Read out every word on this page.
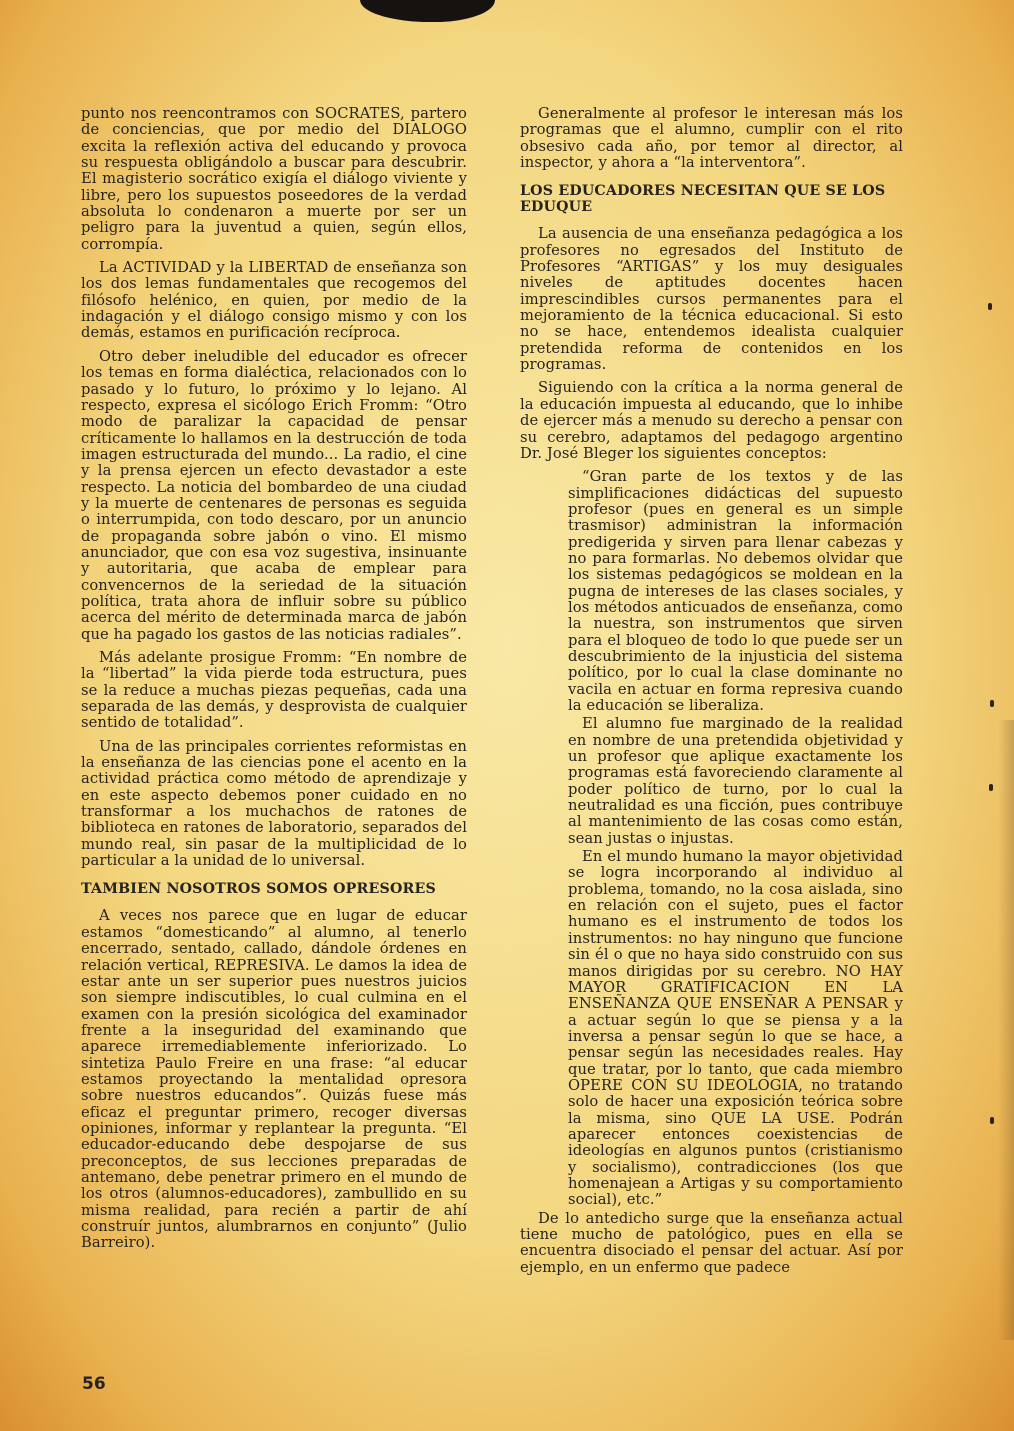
punto nos reencontramos con SOCRATES, partero de conciencias, que por medio del DIALOGO excita la reflexión activa del educando y provoca su respuesta obligándolo a buscar para descubrir. El magisterio socrático exigía el diálogo viviente y libre, pero los supuestos poseedores de la verdad absoluta lo condenaron a muerte por ser un peligro para la juventud a quien, según ellos, corrompía.

La ACTIVIDAD y la LIBERTAD de enseñanza son los dos lemas fundamentales que recogemos del filósofo helénico, en quien, por medio de la indagación y el diálogo consigo mismo y con los demás, estamos en purificación recíproca.

Otro deber ineludible del educador es ofrecer los temas en forma dialéctica, relacionados con lo pasado y lo futuro, lo próximo y lo lejano. Al respecto, expresa el sicólogo Erich Fromm: “Otro modo de paralizar la capacidad de pensar críticamente lo hallamos en la destrucción de toda imagen estructurada del mundo... La radio, el cine y la prensa ejercen un efecto devastador a este respecto. La noticia del bombardeo de una ciudad y la muerte de centenares de personas es seguida o interrumpida, con todo descaro, por un anuncio de propaganda sobre jabón o vino. El mismo anunciador, que con esa voz sugestiva, insinuante y autoritaria, que acaba de emplear para convencernos de la seriedad de la situación política, trata ahora de influir sobre su público acerca del mérito de determinada marca de jabón que ha pagado los gastos de las noticias radiales”.

Más adelante prosigue Fromm: “En nombre de la “libertad” la vida pierde toda estructura, pues se la reduce a muchas piezas pequeñas, cada una separada de las demás, y desprovista de cualquier sentido de totalidad”.

Una de las principales corrientes reformistas en la enseñanza de las ciencias pone el acento en la actividad práctica como método de aprendizaje y en este aspecto debemos poner cuidado en no transformar a los muchachos de ratones de biblioteca en ratones de laboratorio, separados del mundo real, sin pasar de la multiplicidad de lo particular a la unidad de lo universal.

TAMBIEN NOSOTROS SOMOS OPRESORES

A veces nos parece que en lugar de educar estamos “domesticando” al alumno, al tenerlo encerrado, sentado, callado, dándole órdenes en relación vertical, REPRESIVA. Le damos la idea de estar ante un ser superior pues nuestros juicios son siempre indiscutibles, lo cual culmina en el examen con la presión sicológica del examinador frente a la inseguridad del examinando que aparece irremediablemente inferiorizado. Lo sintetiza Paulo Freire en una frase: “al educar estamos proyectando la mentalidad opresora sobre nuestros educandos”. Quizás fuese más eficaz el preguntar primero, recoger diversas opiniones, informar y replantear la pregunta. “El educador-educando debe despojarse de sus preconceptos, de sus lecciones preparadas de antemano, debe penetrar primero en el mundo de los otros (alumnos-educadores), zambullido en su misma realidad, para recién a partir de ahí construír juntos, alumbrarnos en conjunto” (Julio Barreiro).

Generalmente al profesor le interesan más los programas que el alumno, cumplir con el rito obsesivo cada año, por temor al director, al inspector, y ahora a “la interventora”.

LOS EDUCADORES NECESITAN QUE SE LOS EDUQUE

La ausencia de una enseñanza pedagógica a los profesores no egresados del Instituto de Profesores “ARTIGAS” y los muy desiguales niveles de aptitudes docentes hacen imprescindibles cursos permanentes para el mejoramiento de la técnica educacional. Si esto no se hace, entendemos idealista cualquier pretendida reforma de contenidos en los programas.

Siguiendo con la crítica a la norma general de la educación impuesta al educando, que lo inhibe de ejercer más a menudo su derecho a pensar con su cerebro, adaptamos del pedagogo argentino Dr. José Bleger los siguientes conceptos:

“Gran parte de los textos y de las simplificaciones didácticas del supuesto profesor (pues en general es un simple trasmisor) administran la información predigerida y sirven para llenar cabezas y no para formarlas. No debemos olvidar que los sistemas pedagógicos se moldean en la pugna de intereses de las clases sociales, y los métodos anticuados de enseñanza, como la nuestra, son instrumentos que sirven para el bloqueo de todo lo que puede ser un descubrimiento de la injusticia del sistema político, por lo cual la clase dominante no vacila en actuar en forma represiva cuando la educación se liberaliza.

El alumno fue marginado de la realidad en nombre de una pretendida objetividad y un profesor que aplique exactamente los programas está favoreciendo claramente al poder político de turno, por lo cual la neutralidad es una ficción, pues contribuye al mantenimiento de las cosas como están, sean justas o injustas.

En el mundo humano la mayor objetividad se logra incorporando al individuo al problema, tomando, no la cosa aislada, sino en relación con el sujeto, pues el factor humano es el instrumento de todos los instrumentos: no hay ninguno que funcione sin él o que no haya sido construido con sus manos dirigidas por su cerebro. NO HAY MAYOR GRATIFICACION EN LA ENSEÑANZA QUE ENSEÑAR A PENSAR y a actuar según lo que se piensa y a la inversa a pensar según lo que se hace, a pensar según las necesidades reales. Hay que tratar, por lo tanto, que cada miembro OPERE CON SU IDEOLOGIA, no tratando solo de hacer una exposición teórica sobre la misma, sino QUE LA USE. Podrán aparecer entonces coexistencias de ideologías en algunos puntos (cristianismo y socialismo), contradicciones (los que homenajean a Artigas y su comportamiento social), etc.”

De lo antedicho surge que la enseñanza actual tiene mucho de patológico, pues en ella se encuentra disociado el pensar del actuar. Así por ejemplo, en un enfermo que padece

56
